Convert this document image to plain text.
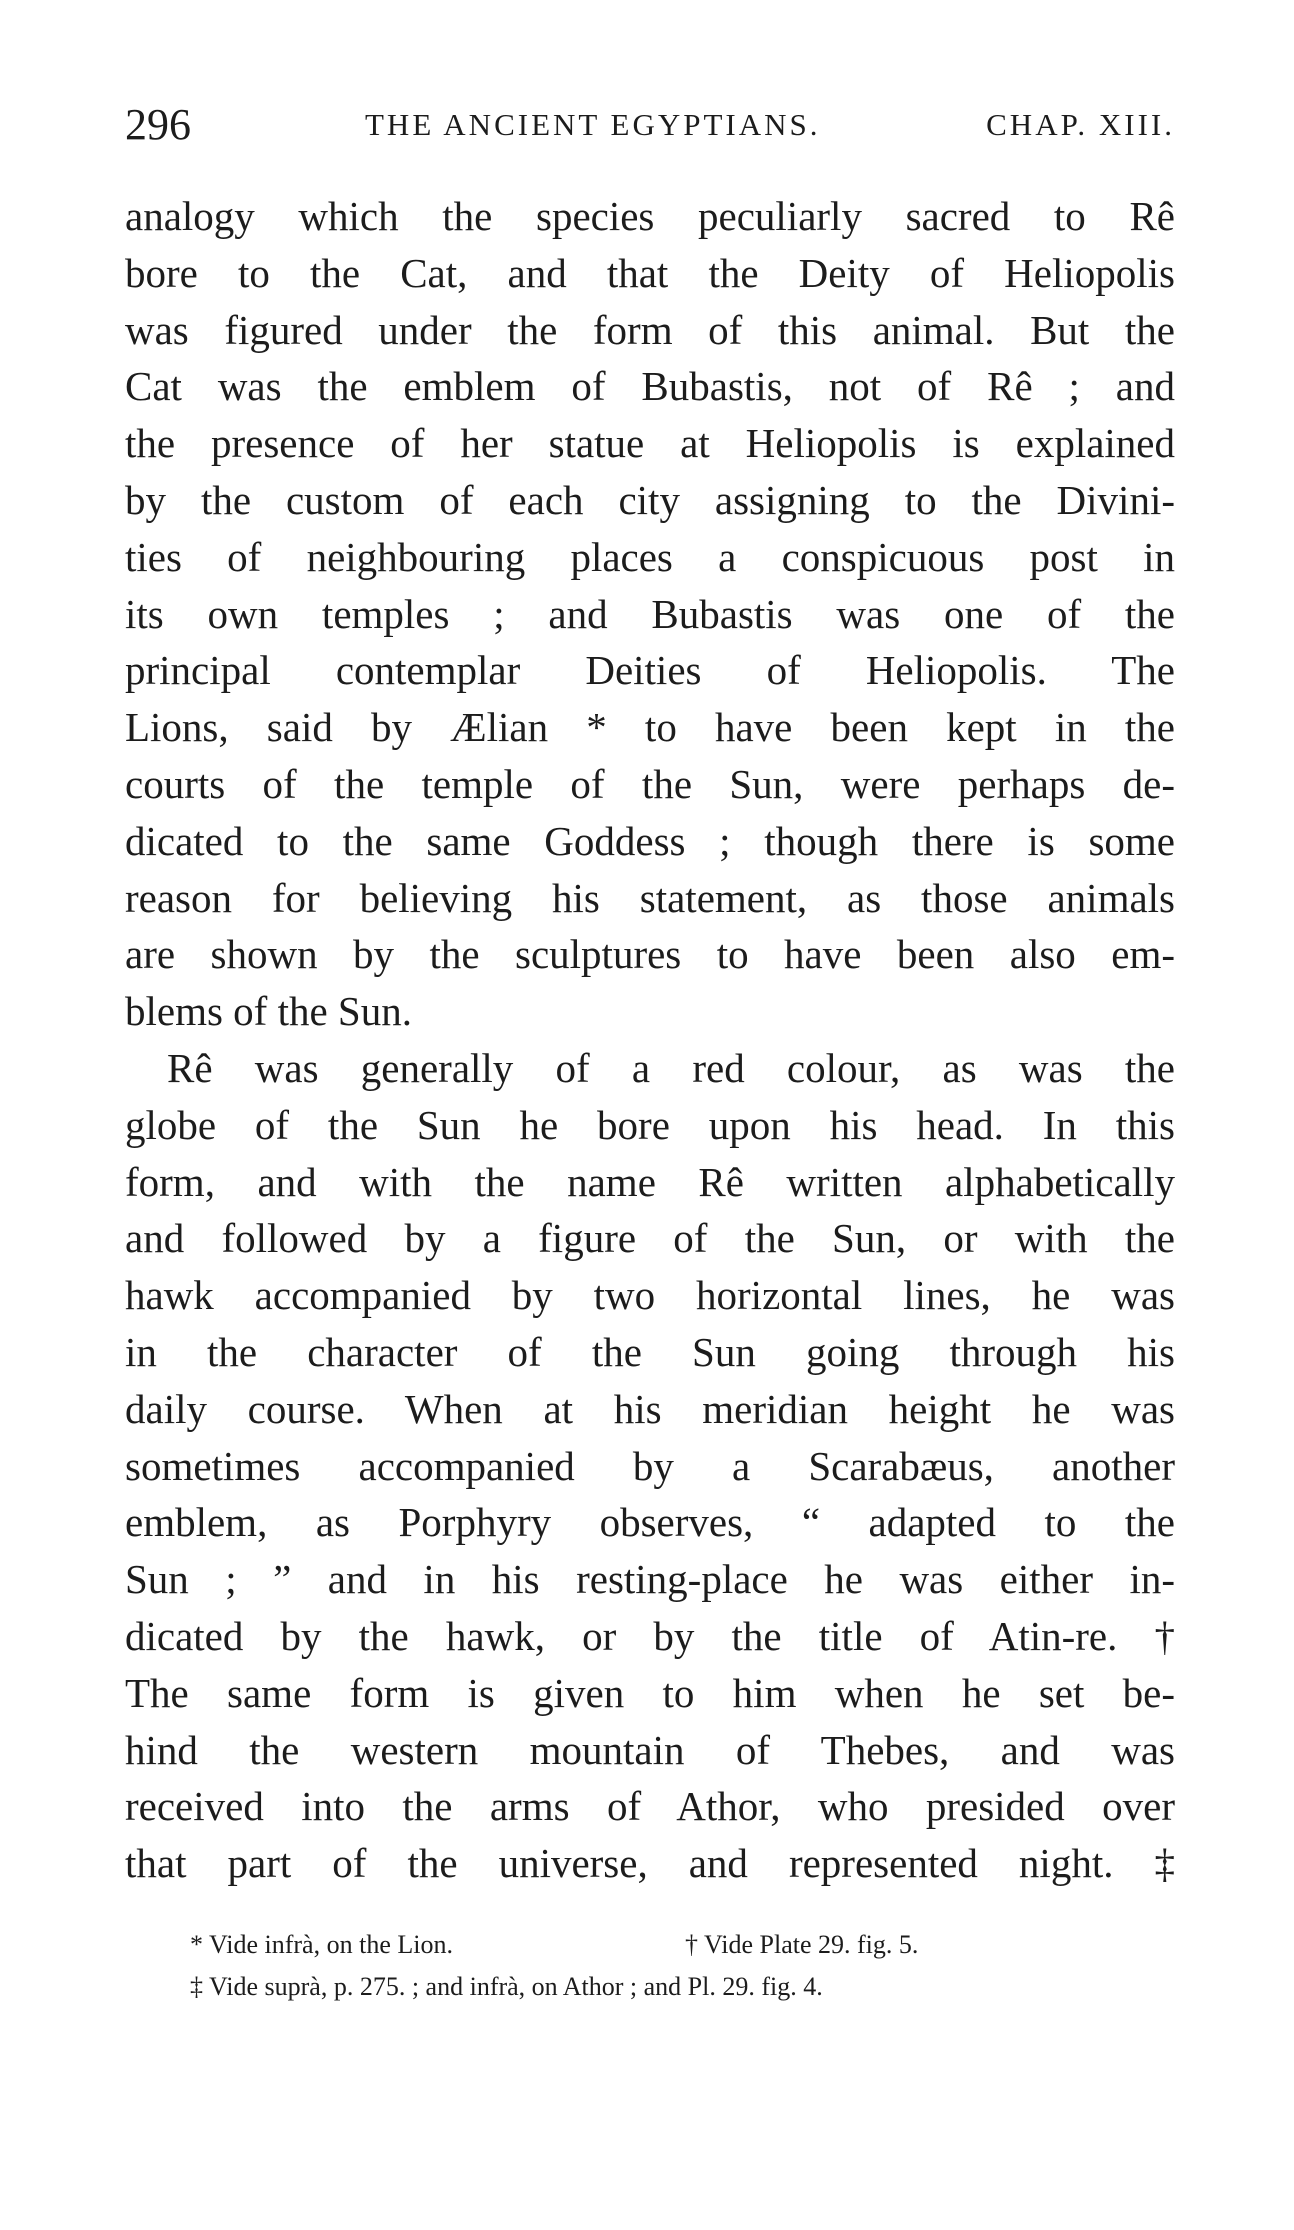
296	THE ANCIENT EGYPTIANS.	CHAP. XIII.
analogy which the species peculiarly sacred to Rê
bore to the Cat, and that the Deity of Heliopolis
was figured under the form of this animal. But the
Cat was the emblem of Bubastis, not of Rê ; and
the presence of her statue at Heliopolis is explained
by the custom of each city assigning to the Divini-
ties of neighbouring places a conspicuous post in
its own temples ; and Bubastis was one of the
principal contemplar Deities of Heliopolis. The
Lions, said by Ælian * to have been kept in the
courts of the temple of the Sun, were perhaps de-
dicated to the same Goddess ; though there is some
reason for believing his statement, as those animals
are shown by the sculptures to have been also em-
blems of the Sun.
Rê was generally of a red colour, as was the
globe of the Sun he bore upon his head. In this
form, and with the name Rê written alphabetically
and followed by a figure of the Sun, or with the
hawk accompanied by two horizontal lines, he was
in the character of the Sun going through his
daily course. When at his meridian height he was
sometimes accompanied by a Scarabæus, another
emblem, as Porphyry observes, “ adapted to the
Sun ; ” and in his resting-place he was either in-
dicated by the hawk, or by the title of Atin-re. †
The same form is given to him when he set be-
hind the western mountain of Thebes, and was
received into the arms of Athor, who presided over
that part of the universe, and represented night. ‡
* Vide infrà, on the Lion.	† Vide Plate 29. fig. 5.
‡ Vide suprà, p. 275. ; and infrà, on Athor ; and Pl. 29. fig. 4.
